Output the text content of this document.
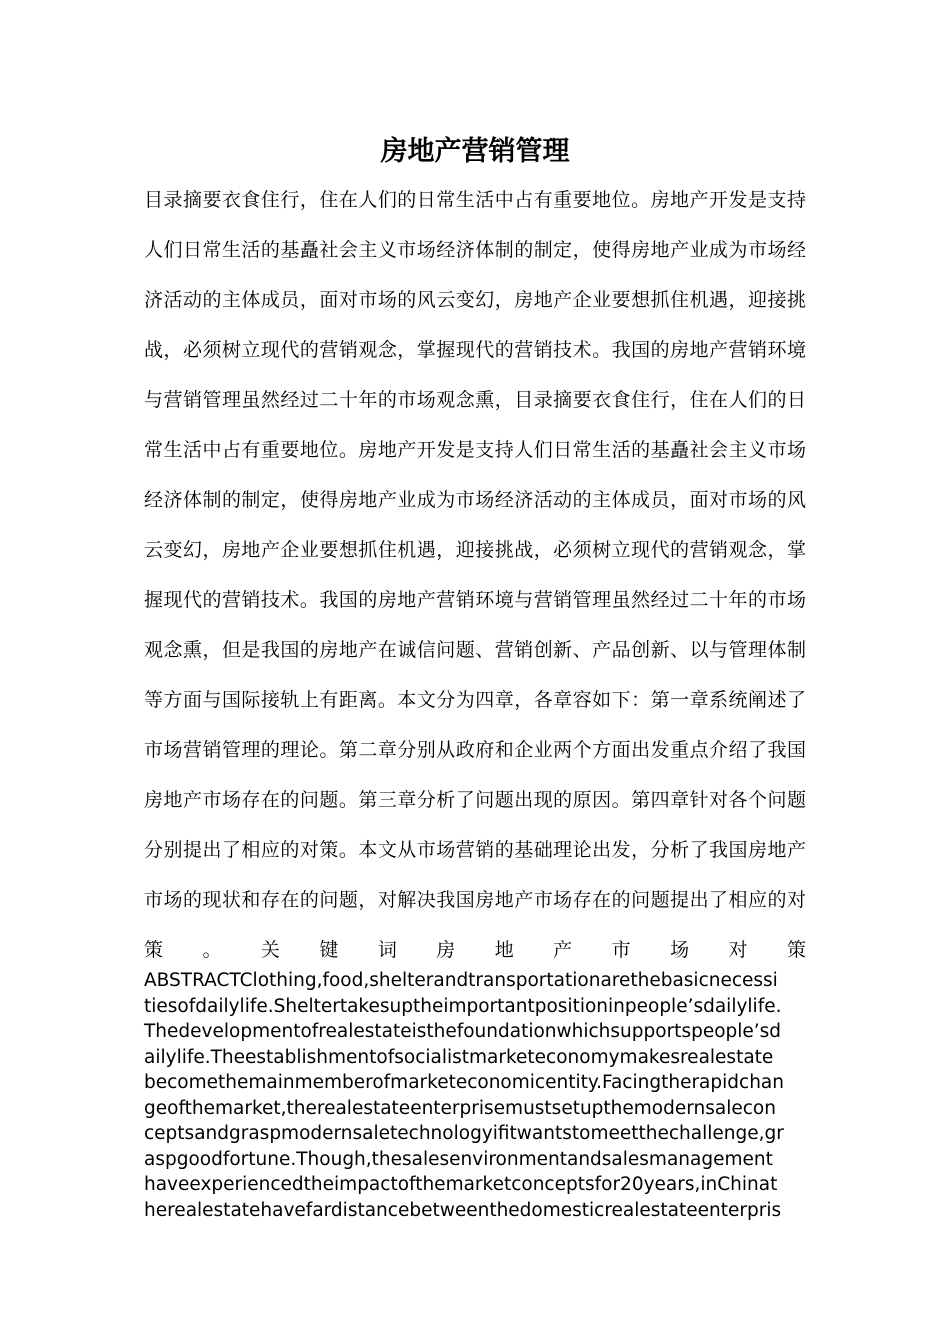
房地产营销管理
目录摘要衣食住行，住在人们的日常生活中占有重要地位。房地产开发是支持
人们日常生活的基矗社会主义市场经济体制的制定，使得房地产业成为市场经
济活动的主体成员，面对市场的风云变幻，房地产企业要想抓住机遇，迎接挑
战，必须树立现代的营销观念，掌握现代的营销技术。我国的房地产营销环境
与营销管理虽然经过二十年的市场观念熏，目录摘要衣食住行，住在人们的日
常生活中占有重要地位。房地产开发是支持人们日常生活的基矗社会主义市场
经济体制的制定，使得房地产业成为市场经济活动的主体成员，面对市场的风
云变幻，房地产企业要想抓住机遇，迎接挑战，必须树立现代的营销观念，掌
握现代的营销技术。我国的房地产营销环境与营销管理虽然经过二十年的市场
观念熏，但是我国的房地产在诚信问题、营销创新、产品创新、以与管理体制
等方面与国际接轨上有距离。本文分为四章，各章容如下：第一章系统阐述了
市场营销管理的理论。第二章分别从政府和企业两个方面出发重点介绍了我国
房地产市场存在的问题。第三章分析了问题出现的原因。第四章针对各个问题
分别提出了相应的对策。本文从市场营销的基础理论出发，分析了我国房地产
市场的现状和存在的问题，对解决我国房地产市场存在的问题提出了相应的对
策 。 关 键 词 房 地 产 市 场 对 策
ABSTRACTClothing,food,shelterandtransportationarethebasicnecessi
tiesofdailylife.Sheltertakesuptheimportantpositioninpeople’sdailylife.
Thedevelopmentofrealestateisthefoundationwhichsupportspeople’sd
ailylife.Theestablishmentofsocialistmarketeconomymakesrealestate
becomethemainmemberofmarketeconomicentity.Facingtherapidchan
geofthemarket,therealestateenterprisemustsetupthemodernsalecon
ceptsandgraspmodernsaletechnologyifitwantstomeetthechallenge,gr
aspgoodfortune.Though,thesalesenvironmentandsalesmanagement
haveexperiencedtheimpactofthemarketconceptsfor20years,inChinat
herealestatehavefardistancebetweenthedomesticrealestateenterpris
